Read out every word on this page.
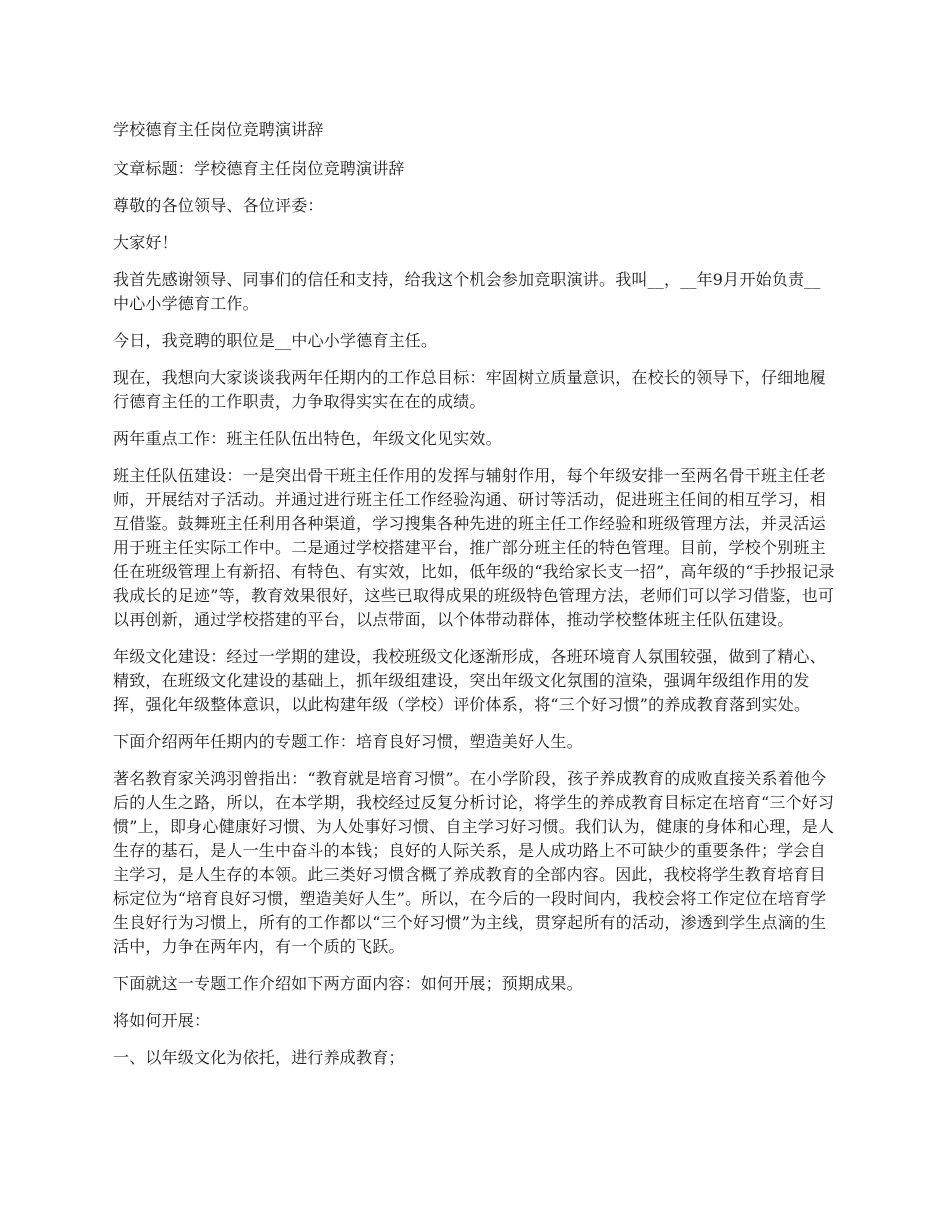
学校德育主任岗位竞聘演讲辞

文章标题：学校德育主任岗位竞聘演讲辞

尊敬的各位领导、各位评委：

大家好！

我首先感谢领导、同事们的信任和支持，给我这个机会参加竞职演讲。我叫__，__年9月开始负责__中心小学德育工作。

今日，我竞聘的职位是__中心小学德育主任。

现在，我想向大家谈谈我两年任期内的工作总目标：牢固树立质量意识，在校长的领导下，仔细地履行德育主任的工作职责，力争取得实实在在的成绩。

两年重点工作：班主任队伍出特色，年级文化见实效。

班主任队伍建设：一是突出骨干班主任作用的发挥与辅射作用，每个年级安排一至两名骨干班主任老师，开展结对子活动。并通过进行班主任工作经验沟通、研讨等活动，促进班主任间的相互学习，相互借鉴。鼓舞班主任利用各种渠道，学习搜集各种先进的班主任工作经验和班级管理方法，并灵活运用于班主任实际工作中。二是通过学校搭建平台，推广部分班主任的特色管理。目前，学校个别班主任在班级管理上有新招、有特色、有实效，比如，低年级的“我给家长支一招”，高年级的“手抄报记录我成长的足迹”等，教育效果很好，这些已取得成果的班级特色管理方法，老师们可以学习借鉴，也可以再创新，通过学校搭建的平台，以点带面，以个体带动群体，推动学校整体班主任队伍建设。

年级文化建设：经过一学期的建设，我校班级文化逐渐形成，各班环境育人氛围较强，做到了精心、精致，在班级文化建设的基础上，抓年级组建设，突出年级文化氛围的渲染，强调年级组作用的发挥，强化年级整体意识，以此构建年级（学校）评价体系，将“三个好习惯”的养成教育落到实处。

下面介绍两年任期内的专题工作：培育良好习惯，塑造美好人生。

著名教育家关鸿羽曾指出：“教育就是培育习惯”。在小学阶段，孩子养成教育的成败直接关系着他今后的人生之路，所以，在本学期，我校经过反复分析讨论，将学生的养成教育目标定在培育“三个好习惯”上，即身心健康好习惯、为人处事好习惯、自主学习好习惯。我们认为，健康的身体和心理，是人生存的基石，是人一生中奋斗的本钱；良好的人际关系，是人成功路上不可缺少的重要条件；学会自主学习，是人生存的本领。此三类好习惯含概了养成教育的全部内容。因此，我校将学生教育培育目标定位为“培育良好习惯，塑造美好人生”。所以，在今后的一段时间内，我校会将工作定位在培育学生良好行为习惯上，所有的工作都以“三个好习惯”为主线，贯穿起所有的活动，渗透到学生点滴的生活中，力争在两年内，有一个质的飞跃。

下面就这一专题工作介绍如下两方面内容：如何开展；预期成果。

将如何开展：

一、以年级文化为依托，进行养成教育；
